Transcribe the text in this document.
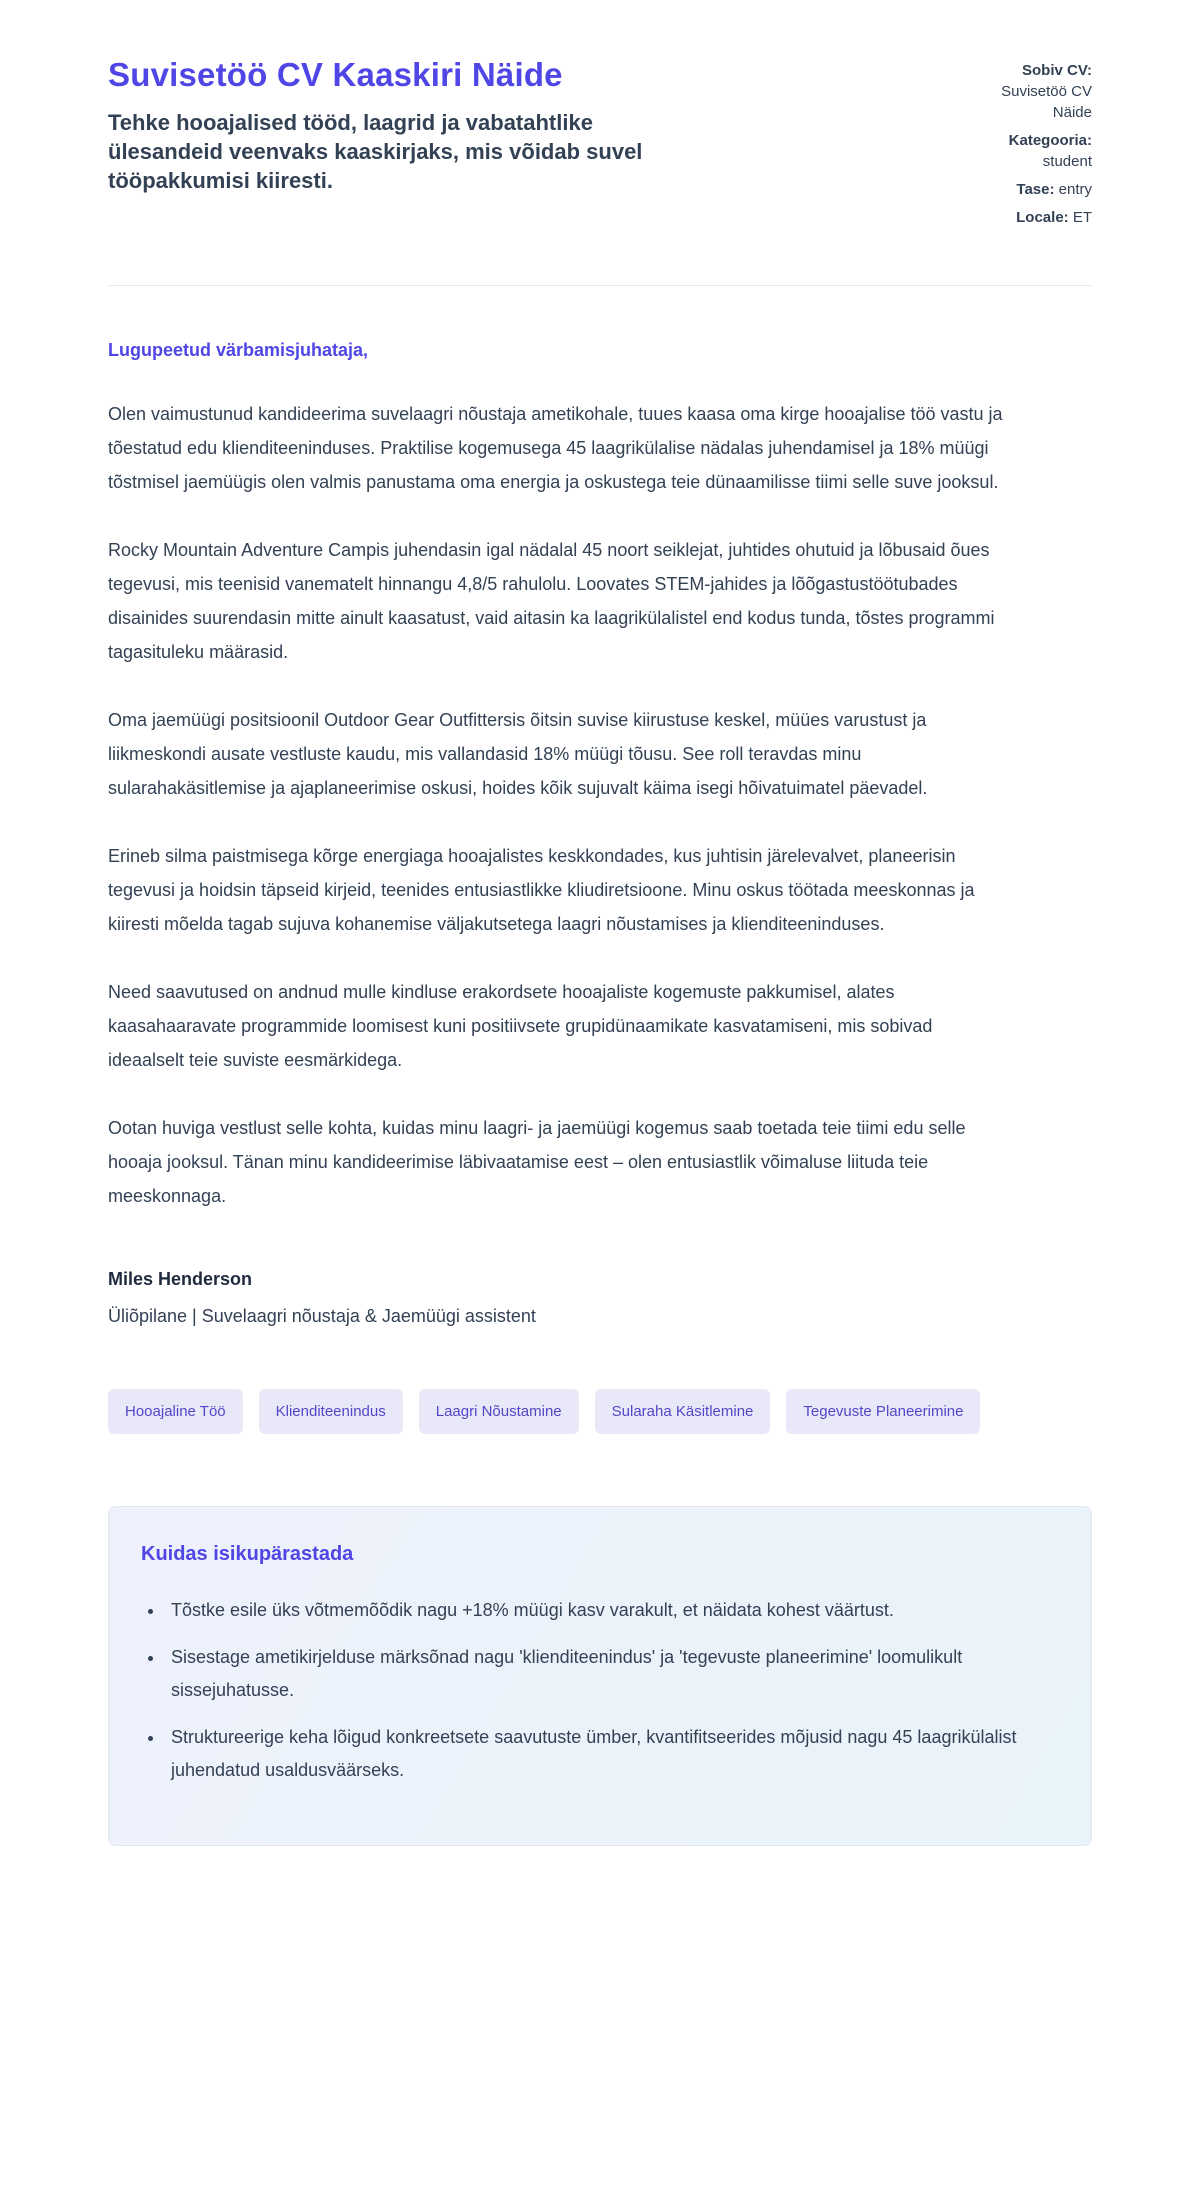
Suvisetöö CV Kaaskiri Näide

Tehke hooajalised tööd, laagrid ja vabatahtlike ülesandeid veenvaks kaaskirjaks, mis võidab suvel tööpakkumisi kiiresti.

Sobiv CV: Suvisetöö CV Näide
Kategooria: student
Tase: entry
Locale: ET

Lugupeetud värbamisjuhataja,

Olen vaimustunud kandideerima suvelaagri nõustaja ametikohale, tuues kaasa oma kirge hooajalise töö vastu ja tõestatud edu klienditeeninduses. Praktilise kogemusega 45 laagrikülalise nädalas juhendamisel ja 18% müügi tõstmisel jaemüügis olen valmis panustama oma energia ja oskustega teie dünaamilisse tiimi selle suve jooksul.

Rocky Mountain Adventure Campis juhendasin igal nädalal 45 noort seiklejat, juhtides ohutuid ja lõbusaid õues tegevusi, mis teenisid vanematelt hinnangu 4,8/5 rahulolu. Loovates STEM-jahides ja lõõgastustöötubades disainides suurendasin mitte ainult kaasatust, vaid aitasin ka laagrikülalistel end kodus tunda, tõstes programmi tagasituleku määrasid.

Oma jaemüügi positsioonil Outdoor Gear Outfittersis õitsin suvise kiirustuse keskel, müües varustust ja liikmeskondi ausate vestluste kaudu, mis vallandasid 18% müügi tõusu. See roll teravdas minu sularahakäsitlemise ja ajaplaneerimise oskusi, hoides kõik sujuvalt käima isegi hõivatuimatel päevadel.

Erineb silma paistmisega kõrge energiaga hooajalistes keskkondades, kus juhtisin järelevalvet, planeerisin tegevusi ja hoidsin täpseid kirjeid, teenides entusiastlikke kliudiretsioone. Minu oskus töötada meeskonnas ja kiiresti mõelda tagab sujuva kohanemise väljakutsetega laagri nõustamises ja klienditeeninduses.

Need saavutused on andnud mulle kindluse erakordsete hooajaliste kogemuste pakkumisel, alates kaasahaaravate programmide loomisest kuni positiivsete grupidünaamikate kasvatamiseni, mis sobivad ideaalselt teie suviste eesmärkidega.

Ootan huviga vestlust selle kohta, kuidas minu laagri- ja jaemüügi kogemus saab toetada teie tiimi edu selle hooaja jooksul. Tänan minu kandideerimise läbivaatamise eest – olen entusiastlik võimaluse liituda teie meeskonnaga.

Miles Henderson

Üliõpilane | Suvelaagri nõustaja & Jaemüügi assistent

Hooajaline Töö	Klienditeenindus	Laagri Nõustamine	Sularaha Käsitlemine	Tegevuste Planeerimine
Kuidas isikupärastada
• Tõstke esile üks võtmemõõdik nagu +18% müügi kasv varakult, et näidata kohest väärtust.
• Sisestage ametikirjelduse märksõnad nagu 'klienditeenindus' ja 'tegevuste planeerimine' loomulikult sissejuhatusse.
• Struktureerige keha lõigud konkreetsete saavutuste ümber, kvantifitseerides mõjusid nagu 45 laagrikülalist juhendatud usaldusväärseks.
